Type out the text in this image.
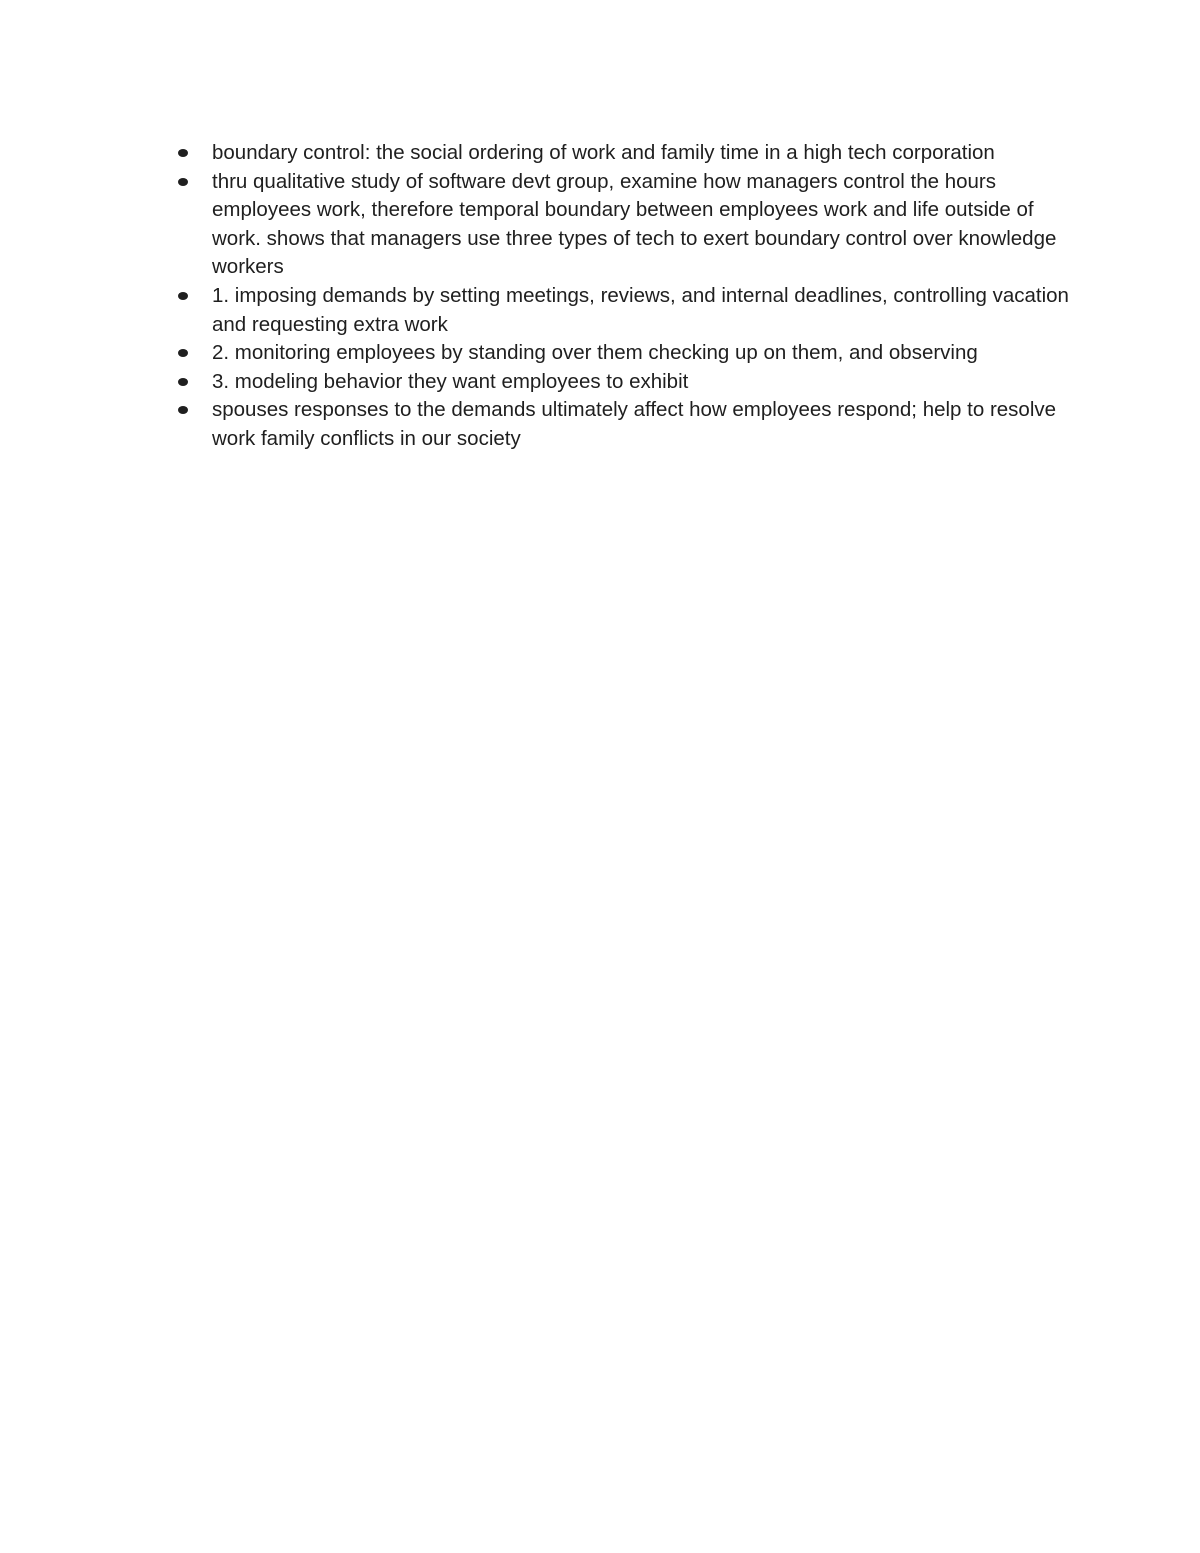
boundary control: the social ordering of work and family time in a high tech corporation
thru qualitative study of software devt group, examine how managers control the hours employees work, therefore temporal boundary between employees work and life outside of work. shows that managers use three types of tech to exert boundary control over knowledge workers
1. imposing demands by setting meetings, reviews, and internal deadlines, controlling vacation and requesting extra work
2. monitoring employees by standing over them checking up on them, and observing
3. modeling behavior they want employees to exhibit
spouses responses to the demands ultimately affect how employees respond; help to resolve work family conflicts in our society
